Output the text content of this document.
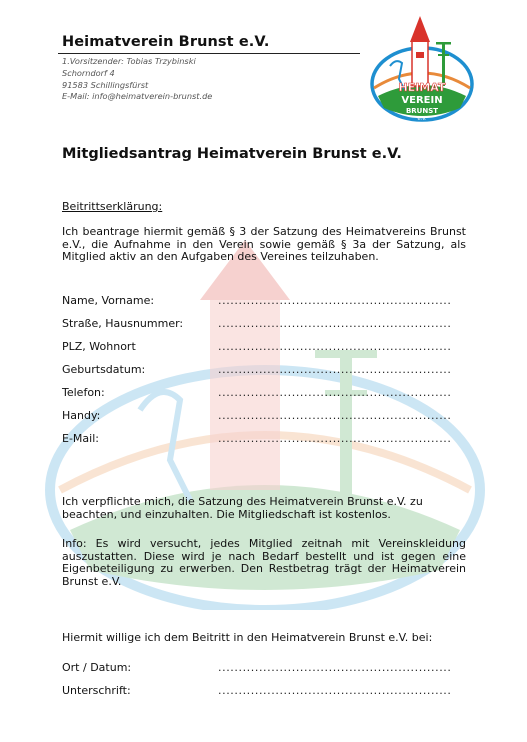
Heimatverein Brunst e.V.
1.Vorsitzender: Tobias Trzybinski
Schorndorf 4
91583 Schillingsfürst
E-Mail: info@heimatverein-brunst.de
HEIMAT
VEREIN
BRUNST
e.V.
Mitgliedsantrag Heimatverein Brunst e.V.
Beitrittserklärung:
Ich beantrage hiermit gemäß § 3 der Satzung des Heimatvereins Brunst e.V., die Aufnahme in den Verein sowie gemäß § 3a der Satzung, als Mitglied aktiv an den Aufgaben des Vereines teilzuhaben.
Name, Vorname:	.........................................................
Straße, Hausnummer:	.........................................................
PLZ, Wohnort	.........................................................
Geburtsdatum:	.........................................................
Telefon:	.........................................................
Handy:	.........................................................
E-Mail:	.........................................................
Ich verpflichte mich, die Satzung des Heimatverein Brunst e.V. zu beachten, und einzuhalten. Die Mitgliedschaft ist kostenlos.
Info: Es wird versucht, jedes Mitglied zeitnah mit Vereinskleidung auszustatten. Diese wird je nach Bedarf bestellt und ist gegen eine Eigenbeteiligung zu erwerben. Den Restbetrag trägt der Heimatverein Brunst e.V.
Hiermit willige ich dem Beitritt in den Heimatverein Brunst e.V. bei:
Ort / Datum:	.........................................................
Unterschrift:	.........................................................
